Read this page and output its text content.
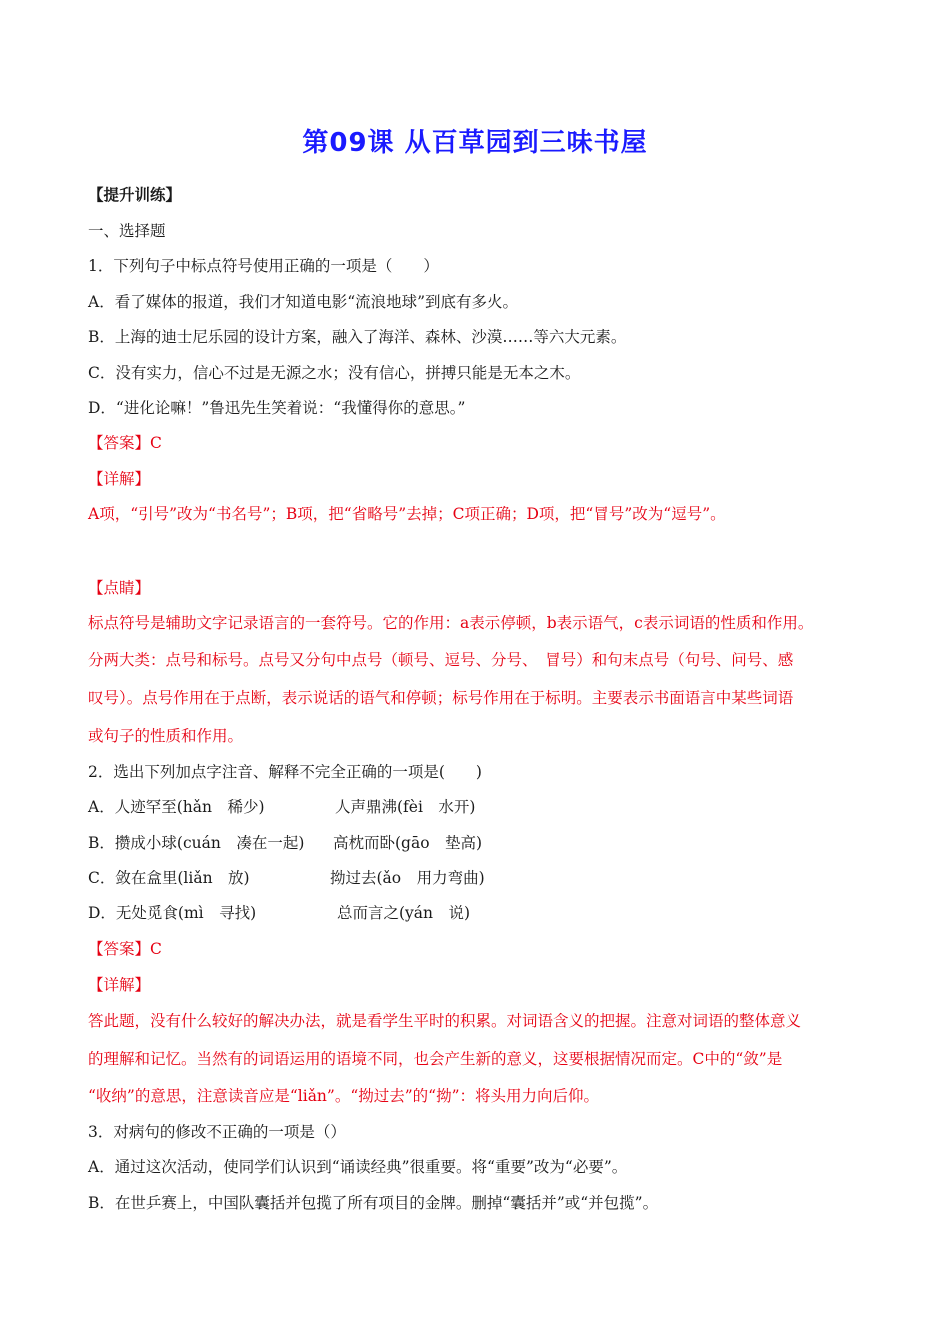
第09课 从百草园到三味书屋
【提升训练】
一、选择题
1．下列句子中标点符号使用正确的一项是（　　）
A．看了媒体的报道，我们才知道电影“流浪地球”到底有多火。
B．上海的迪士尼乐园的设计方案，融入了海洋、森林、沙漠……等六大元素。
C．没有实力，信心不过是无源之水；没有信心，拼搏只能是无本之木。
D．“进化论嘛！”鲁迅先生笑着说：“我懂得你的意思。”
【答案】C
【详解】
A项，“引号”改为“书名号”；B项，把“省略号”去掉；C项正确；D项，把“冒号”改为“逗号”。
【点睛】
标点符号是辅助文字记录语言的一套符号。它的作用：a表示停顿，b表示语气，c表示词语的性质和作用。
分两大类：点号和标号。点号又分句中点号（顿号、逗号、分号、　冒号）和句末点号（句号、问号、感
叹号）。点号作用在于点断，表示说话的语气和停顿；标号作用在于标明。主要表示书面语言中某些词语
或句子的性质和作用。
2．选出下列加点字注音、解释不完全正确的一项是(　　)
A．人迹罕至(hǎn　稀少)	人声鼎沸(fèi　水开)
B．攒成小球(cuán　凑在一起) 高枕而卧(gāo　垫高)
C．敛在盒里(liǎn　放)	拗过去(ǎo　用力弯曲)
D．无处觅食(mì　寻找)	总而言之(yán　说)
【答案】C
【详解】
答此题，没有什么较好的解决办法，就是看学生平时的积累。对词语含义的把握。注意对词语的整体意义
的理解和记忆。当然有的词语运用的语境不同，也会产生新的意义，这要根据情况而定。C中的“敛”是
“收纳”的意思，注意读音应是“liǎn”。“拗过去”的“拗”：将头用力向后仰。
3．对病句的修改不正确的一项是（）
A．通过这次活动，使同学们认识到“诵读经典”很重要。将“重要”改为“必要”。
B．在世乒赛上，中国队囊括并包揽了所有项目的金牌。删掉“囊括并”或“并包揽”。
